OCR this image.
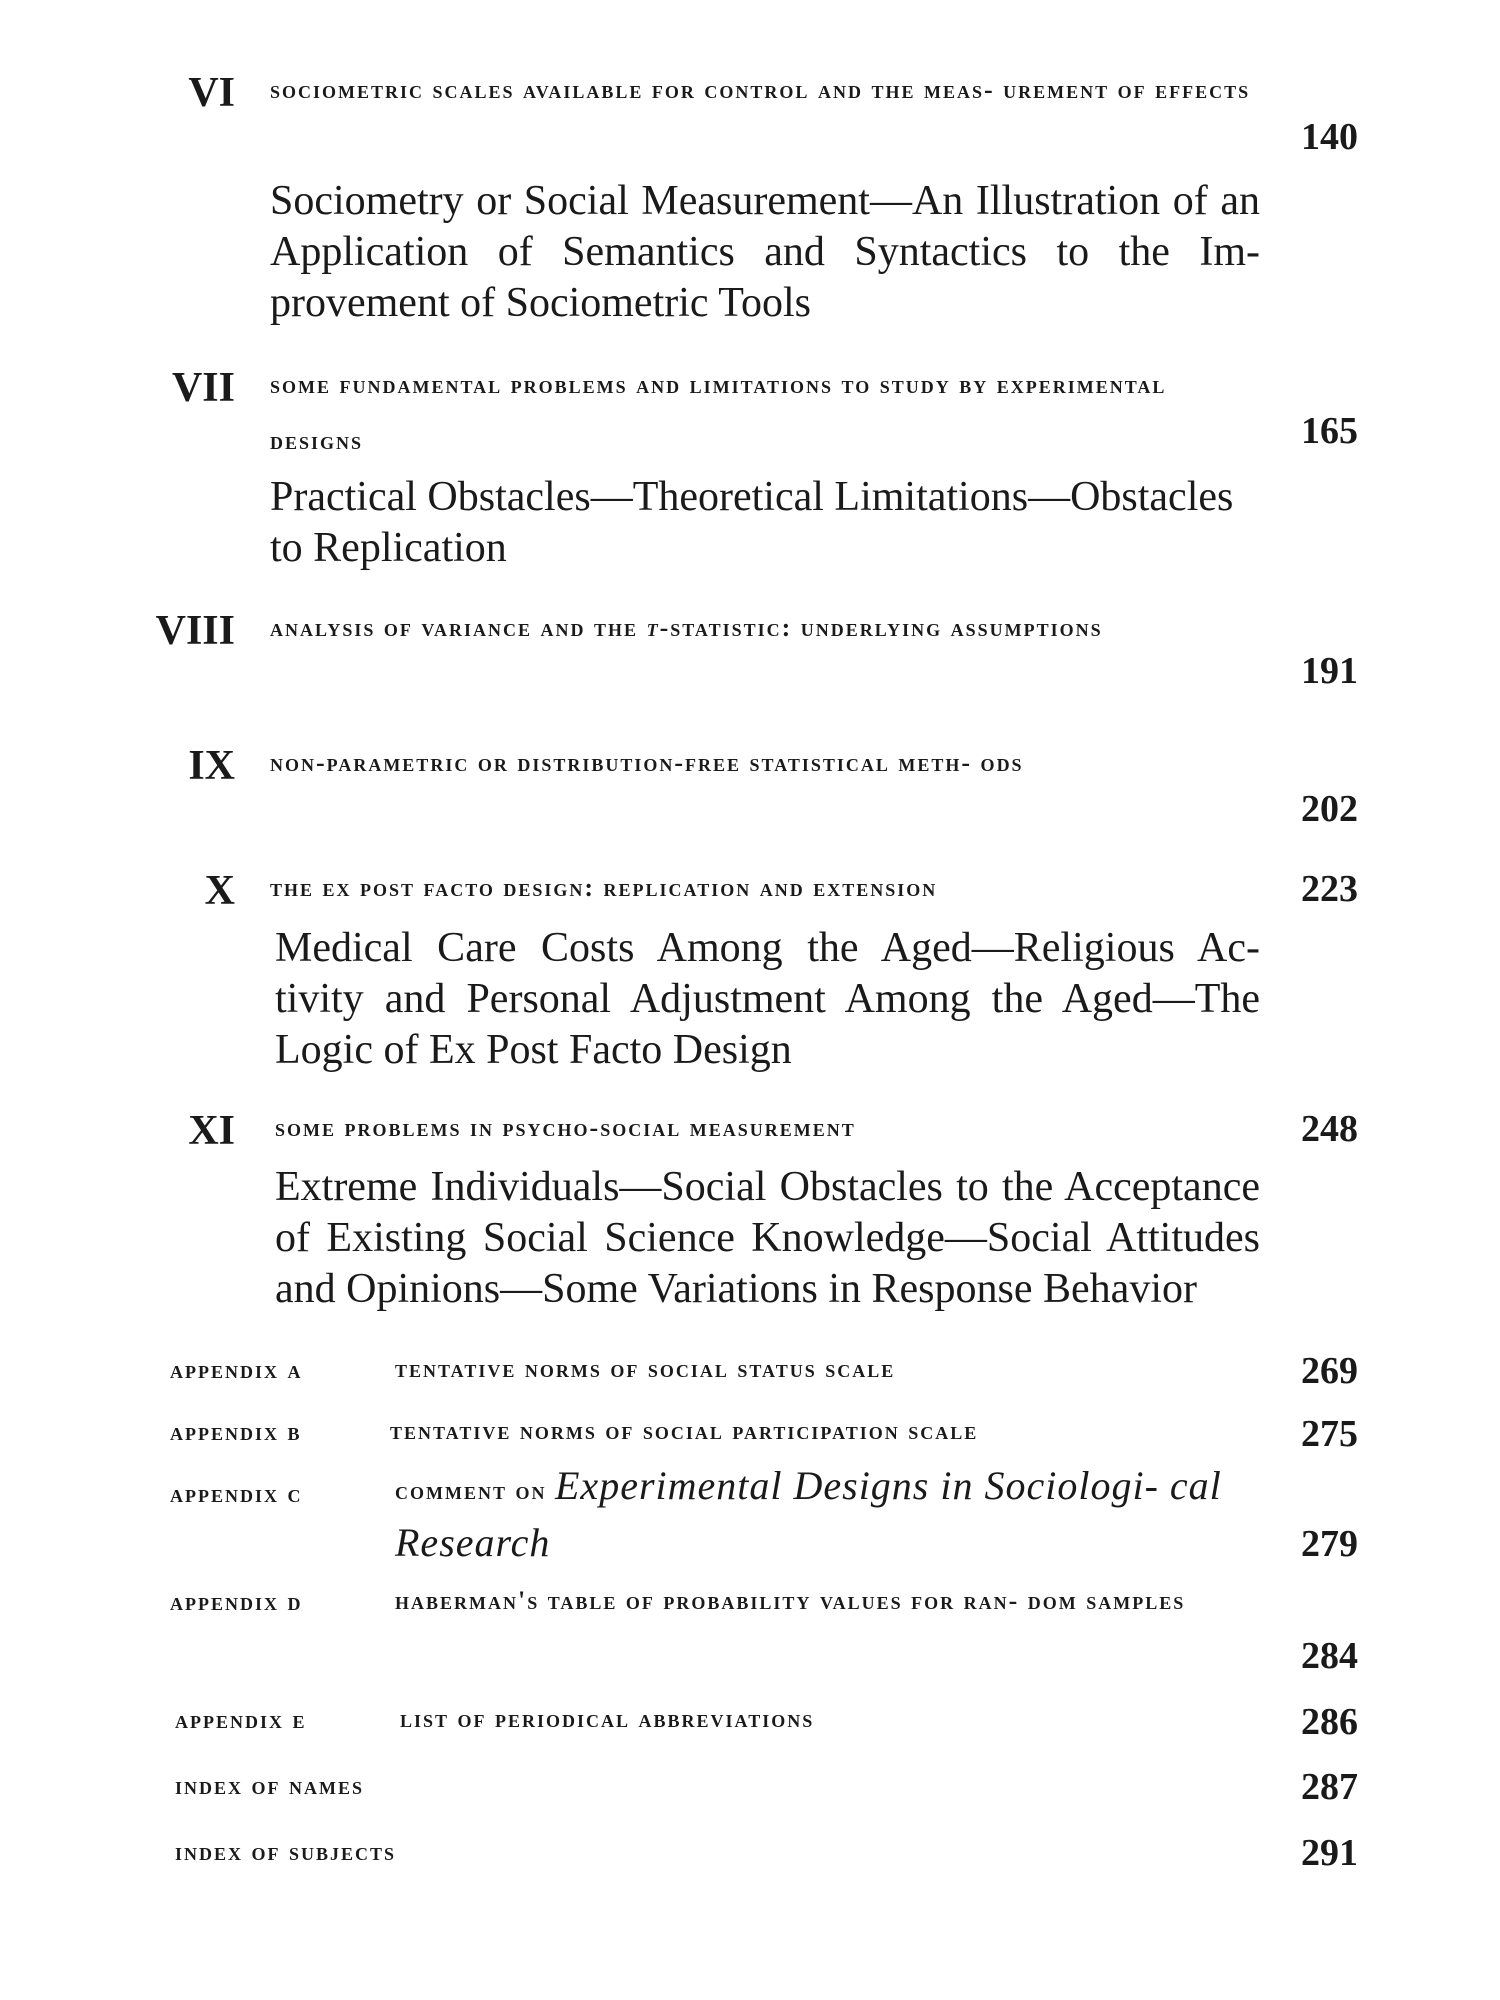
VI sociometric scales available for control and the meas- urement of effects
140
Sociometry or Social Measurement—An Illustration of an Application of Semantics and Syntactics to the Im- provement of Sociometric Tools
VII some fundamental problems and limitations to study by experimental designs	165
Practical Obstacles—Theoretical Limitations—Obstacles to Replication
VIII analysis of variance and the t-statistic: underlying assumptions
191
IX non-parametric or distribution-free statistical meth- ods
202
X the ex post facto design: replication and extension	223
Medical Care Costs Among the Aged—Religious Ac- tivity and Personal Adjustment Among the Aged—The Logic of Ex Post Facto Design
XI some problems in psycho-social measurement	248
Extreme Individuals—Social Obstacles to the Acceptance of Existing Social Science Knowledge—Social Attitudes and Opinions—Some Variations in Response Behavior
appendix a	tentative norms of social status scale	269
appendix b	tentative norms of social participation scale	275
appendix c	comment on Experimental Designs in Sociologi- cal Research	279
appendix d	haberman's table of probability values for ran- dom samples
284
appendix e	list of periodical abbreviations	286
index of names	287
index of subjects	291
